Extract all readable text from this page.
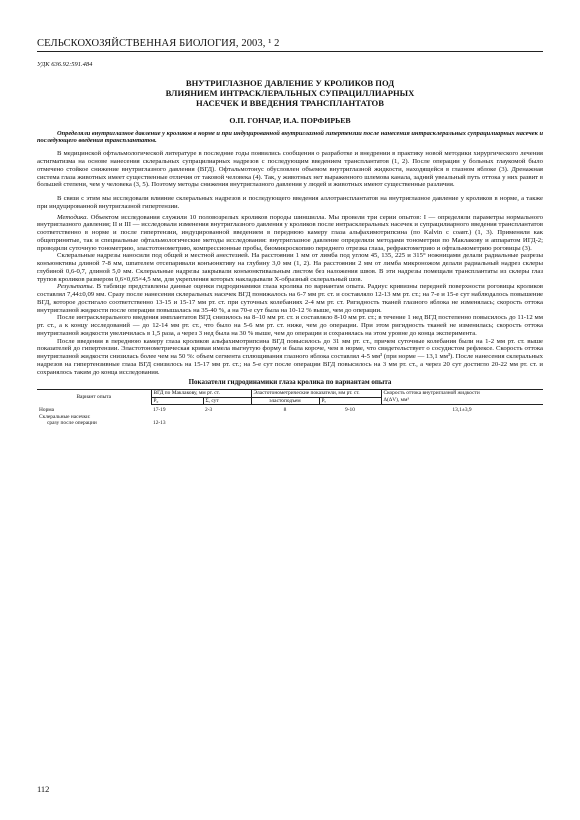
СЕЛЬСКОХОЗЯЙСТВЕННАЯ БИОЛОГИЯ, 2003, ¹ 2
УДК 636.92:591.484
ВНУТРИГЛАЗНОЕ ДАВЛЕНИЕ У КРОЛИКОВ ПОД
ВЛИЯНИЕМ ИНТРАСКЛЕРАЛЬНЫХ СУПРАЦИЛЛИАРНЫХ
НАСЕЧЕК И ВВЕДЕНИЯ ТРАНСПЛАНТАТОВ
О.П. ГОНЧАР, И.А. ПОРФИРЬЕВ
Определяли внутриглазное давление у кроликов в норме и при индуцированной внутриглазной гипертензии после нанесения интрасклеральных супрацилиарных насечек и последующего введения трансплантатов.

В медицинской офтальмологической литературе в последние годы появились сообщения о разработке и внедрении в практику новой методики хирургического лечения астигматизма на основе нанесения склеральных супрацилиарных надрезов с последующим введением трансплантатов (1, 2). После операции у больных глаукомой было отмечено стойкое снижение внутриглазного давления (ВГД). Офтальмотонус обусловлен объемом внутриглазной жидкости, находящейся в глазном яблоке (3). Дренажная система глаза животных имеет существенные отличия от таковой человека (4). Так, у животных нет выраженного шлемова канала, задний увеальный путь оттока у них развит в большей степени, чем у человека (3, 5). Поэтому методы снижения внутриглазного давления у людей и животных имеют существенные различия.

В связи с этим мы исследовали влияние склеральных надрезов и последующего введения аллотрансплантатов на внутриглазное давление у кроликов в норме, а также при индуцированной внутриглазной гипертензии.

Методика. Объектом исследования служили 10 половозрелых кроликов породы шиншилла. Мы провели три серии опытов: I — определяли параметры нормального внутриглазного давления; II и III — исследовали изменения внутриглазного давления у кроликов после интрасклеральных насечек и супрацилиарного введения трансплантатов соответственно в норме и после гипертензии, индуцированной введением в переднюю камеру глаза альфахимотрипсина (по Kalvin с соавт.) (1, 3). Применяли как общепринятые, так и специальные офтальмологические методы исследования: внутриглазное давление определяли методами тонометрии по Маклакову и аппаратом ИГД-2; проводили суточную тонометрию, эластотонометрию, компрессионные пробы, биомикроскопию переднего отрезка глаза, рефрактометрию и офтальмометрию роговицы (3).

Склеральные надрезы наносили под общей и местной анестезией. На расстоянии 1 мм от лимба под углом 45, 135, 225 и 315° ножницами делали радиальные разрезы конъюнктивы длиной 7-8 мм, шпателем отсепаривали конъюнктиву на глубину 3,0 мм (1, 2). На расстоянии 2 мм от лимба микроножом делали радиальный надрез склеры глубиной 0,6-0,7, длиной 5,0 мм. Склеральные надрезы закрывали конъюнктивальным листом без наложения швов. В эти надрезы помещали трансплантаты из склеры глаз трупов кроликов размером 0,6×0,65×4,5 мм, для укрепления которых накладывали Х-образный склеральный шов.

Результаты. В таблице представлены данные оценки гидродинамики глаза кролика по вариантам опыта. Радиус кривизны передней поверхности роговицы кроликов составлял 7,44±0,09 мм. Сразу после нанесения склеральных насечек ВГД понижалось на 6-7 мм рт. ст. и составляло 12-13 мм рт. ст.; на 7-е и 15-е сут наблюдалось повышение ВГД, которое достигало соответственно 13-15 и 15-17 мм рт. ст. при суточных колебаниях 2-4 мм рт. ст. Ригидность тканей глазного яблока не изменялась; скорость оттока внутриглазной жидкости после операции повышалась на 35-40 %, а на 70-е сут была на 10-12 % выше, чем до операции.

После интрасклерального введения имплантатов ВГД снизилось на 8–10 мм рт. ст. и составляло 8-10 мм рт. ст.; в течение 1 нед ВГД постепенно повысилось до 11-12 мм рт. ст., а к концу исследований — до 12-14 мм рт. ст., что было на 5-6 мм рт. ст. ниже, чем до операции. При этом ригидность тканей не изменилась; скорость оттока внутриглазной жидкости увеличилась в 1,5 раза, а через 3 нед была на 30 % выше, чем до операции и сохранялась на этом уровне до конца эксперимента.

После введения в переднюю камеру глаза кроликов альфахимотрипсина ВГД повысилось до 31 мм рт. ст., причем суточные колебания были на 1-2 мм рт. ст. выше показателей до гипертензии. Эластотонометрическая кривая имела выгнутую форму и была короче, чем в норме, что свидетельствует о сосудистом рефлексе. Скорость оттока внутриглазной жидкости снизилась более чем на 50 %: объем сегмента сплющивания глазного яблока составлял 4-5 мм³ (при норме — 13,1 мм³). После нанесения склеральных надрезов на гипертензивные глаза ВГД снизилось на 15-17 мм рт. ст.; на 5-е сут после операции ВГД повысилось на 3 мм рт. ст., а через 20 сут достигло 20-22 мм рт. ст. и сохранялось таким до конца исследования.

Показатели гидродинамики глаза кролика по вариантам опыта
Вариант опыта	ВГД по Маклакову, мм рт. ст.		Эластотонометрические показатели, мм рт. ст.		Скорость оттока внутриглазной жидкости
	P₀	Σ, сут	эластоподъем	Pₒ	Δ(ΔV), мм³

Норма	17-19	2-3	8	9-10	13,1±3,9
Склеральные насечки:					
сразу после операции	12-13				
112
